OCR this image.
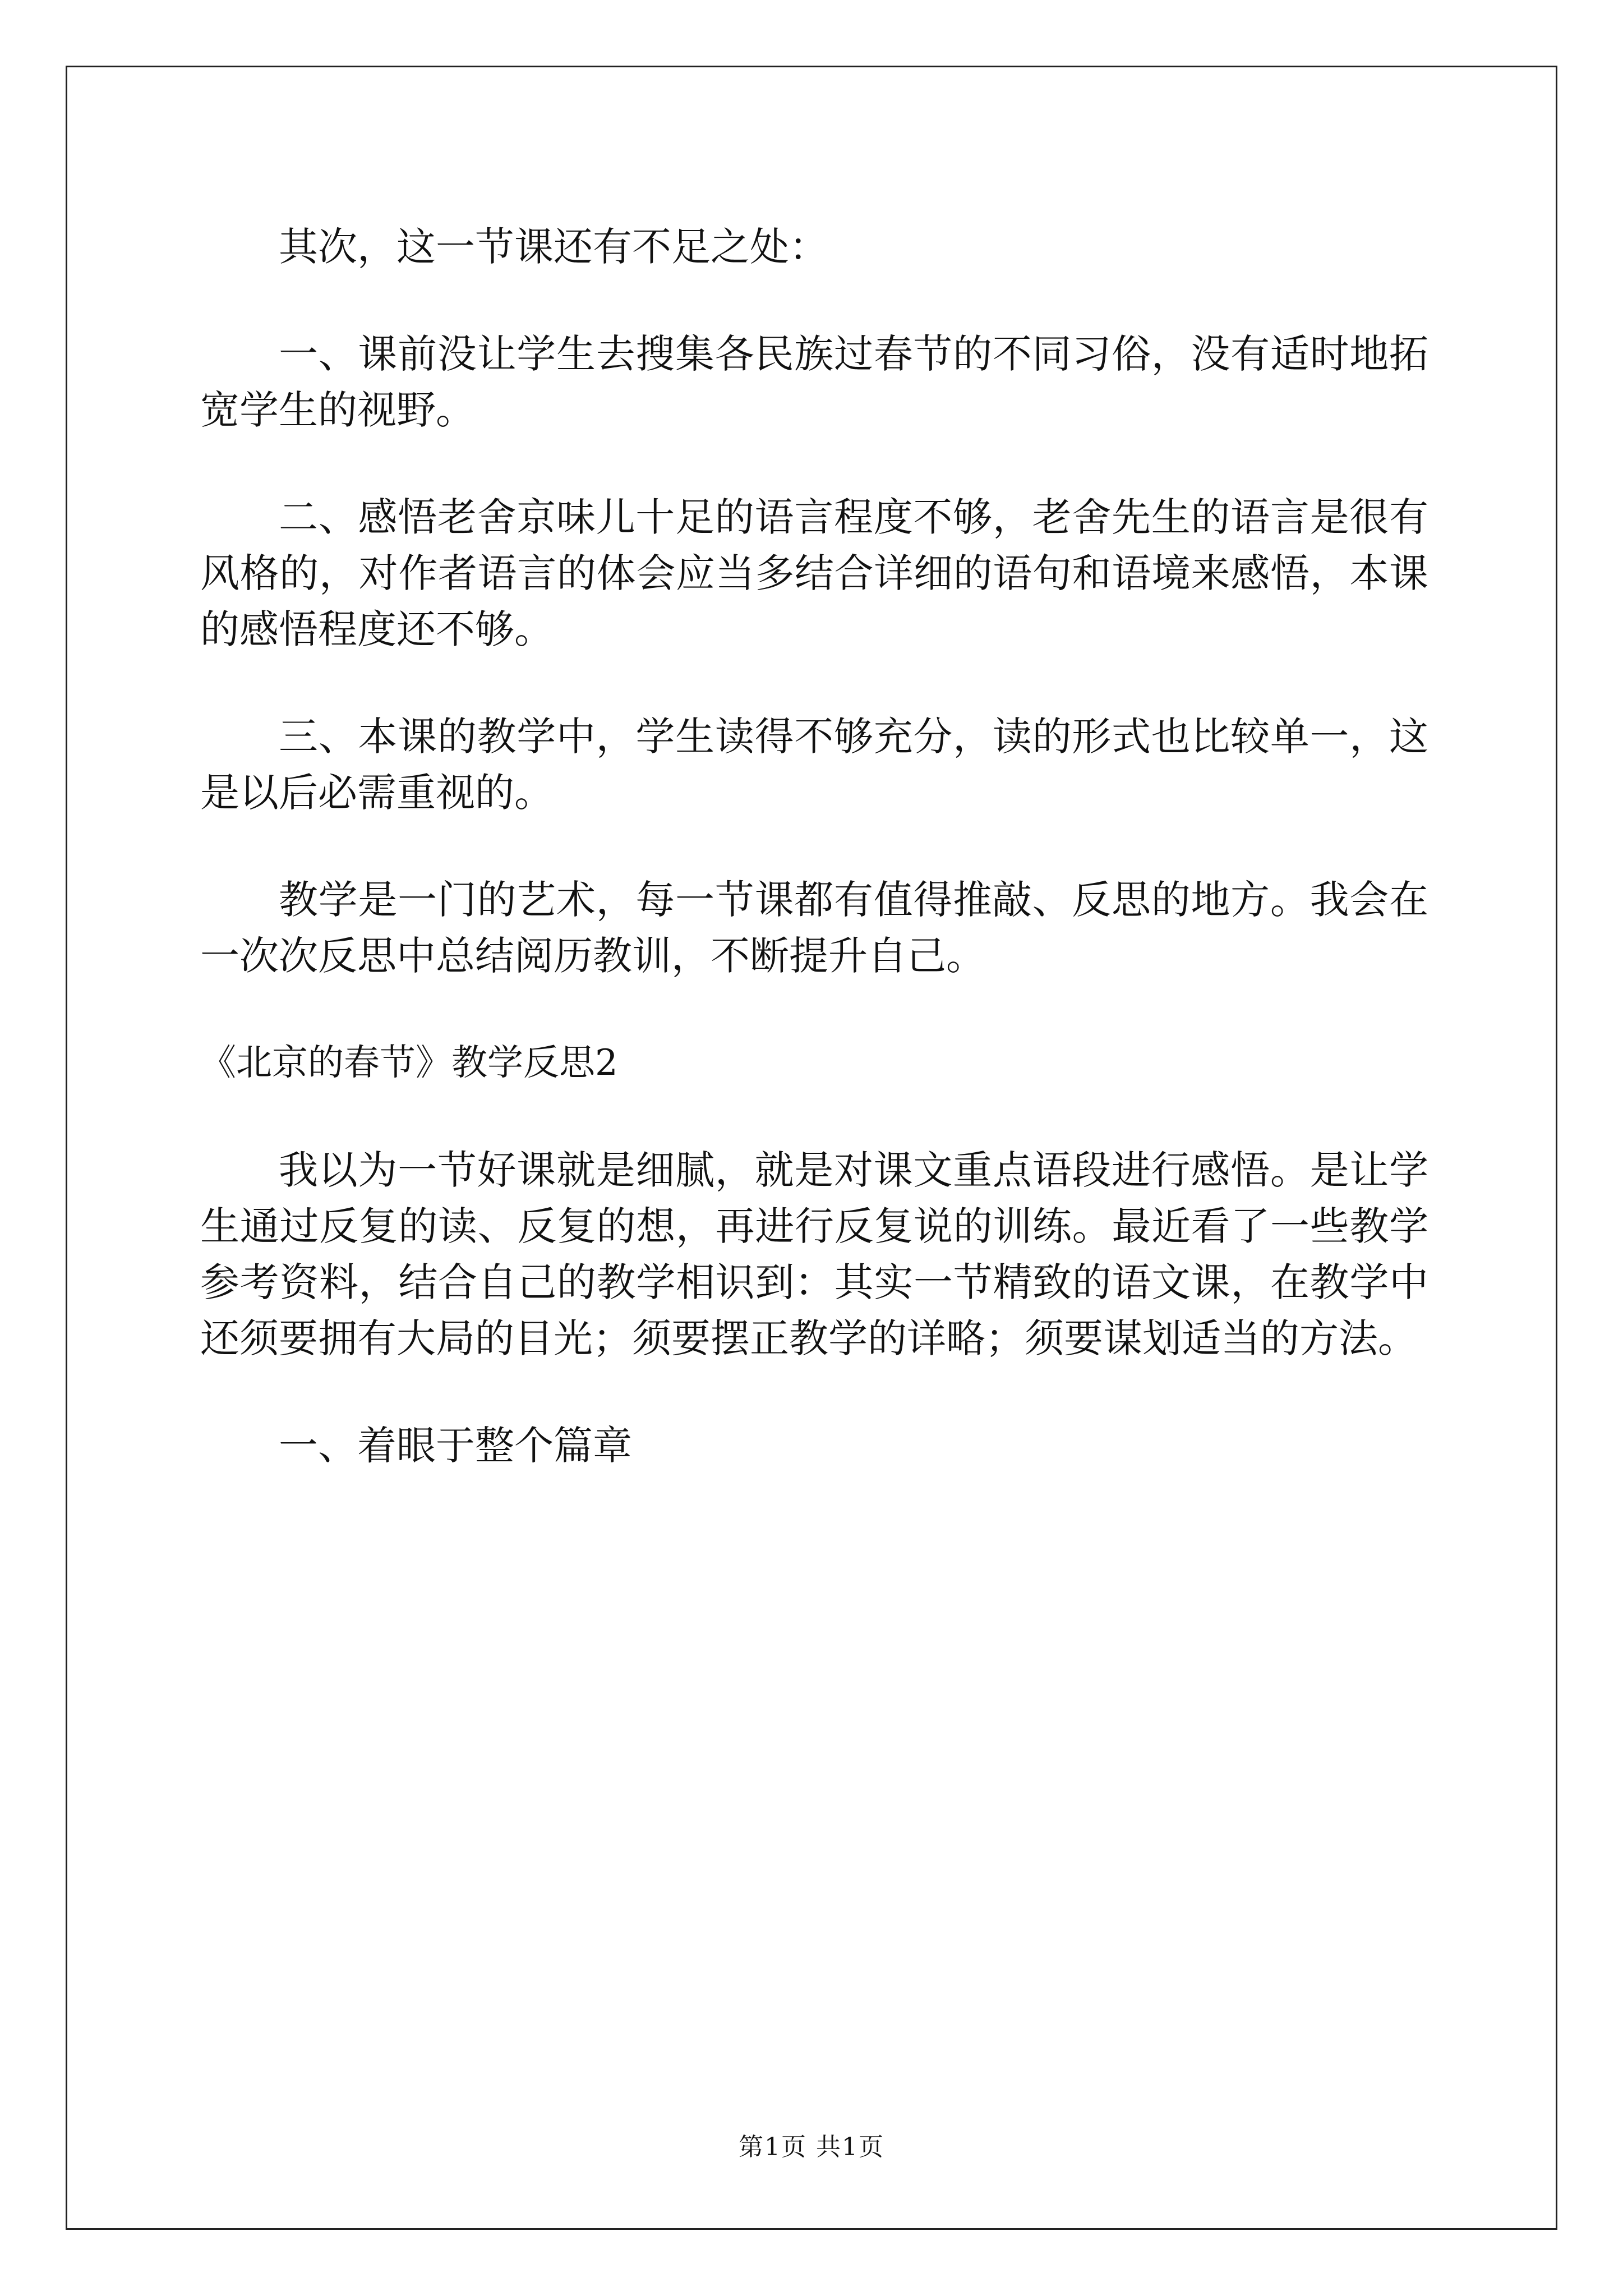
其次，这一节课还有不足之处：

一、课前没让学生去搜集各民族过春节的不同习俗，没有适时地拓宽学生的视野。

二、感悟老舍京味儿十足的语言程度不够，老舍先生的语言是很有风格的，对作者语言的体会应当多结合详细的语句和语境来感悟，本课的感悟程度还不够。

三、本课的教学中，学生读得不够充分，读的形式也比较单一，这是以后必需重视的。

教学是一门的艺术，每一节课都有值得推敲、反思的地方。我会在一次次反思中总结阅历教训，不断提升自己。

《北京的春节》教学反思2

我以为一节好课就是细腻，就是对课文重点语段进行感悟。是让学生通过反复的读、反复的想，再进行反复说的训练。最近看了一些教学参考资料，结合自己的教学相识到：其实一节精致的语文课，在教学中还须要拥有大局的目光；须要摆正教学的详略；须要谋划适当的方法。

一、着眼于整个篇章

第1页 共1页
